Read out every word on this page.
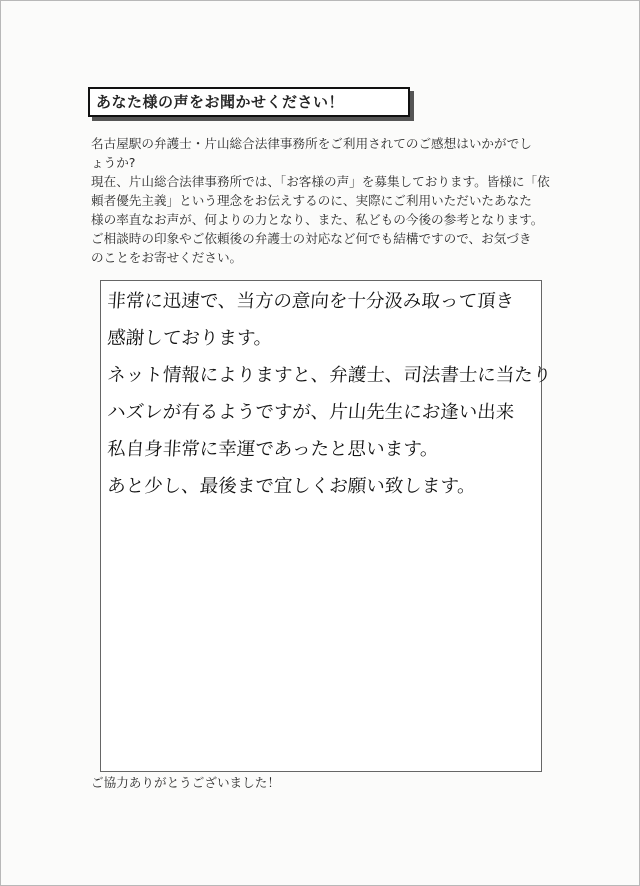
あなた様の声をお聞かせください！

名古屋駅の弁護士・片山総合法律事務所をご利用されてのご感想はいかがでし

ょうか?

現在、片山総合法律事務所では、「お客様の声」を募集しております。皆様に「依

頼者優先主義」という理念をお伝えするのに、実際にご利用いただいたあなた

様の率直なお声が、何よりの力となり、また、私どもの今後の参考となります。

ご相談時の印象やご依頼後の弁護士の対応など何でも結構ですので、お気づき

のことをお寄せください。

非常に迅速で、当方の意向を十分汲み取って頂き

感謝しております。

ネット情報によりますと、弁護士、司法書士に当たり

ハズレが有るようですが、片山先生にお逢い出来

私自身非常に幸運であったと思います。

あと少し、最後まで宜しくお願い致します。

ご協力ありがとうございました！
